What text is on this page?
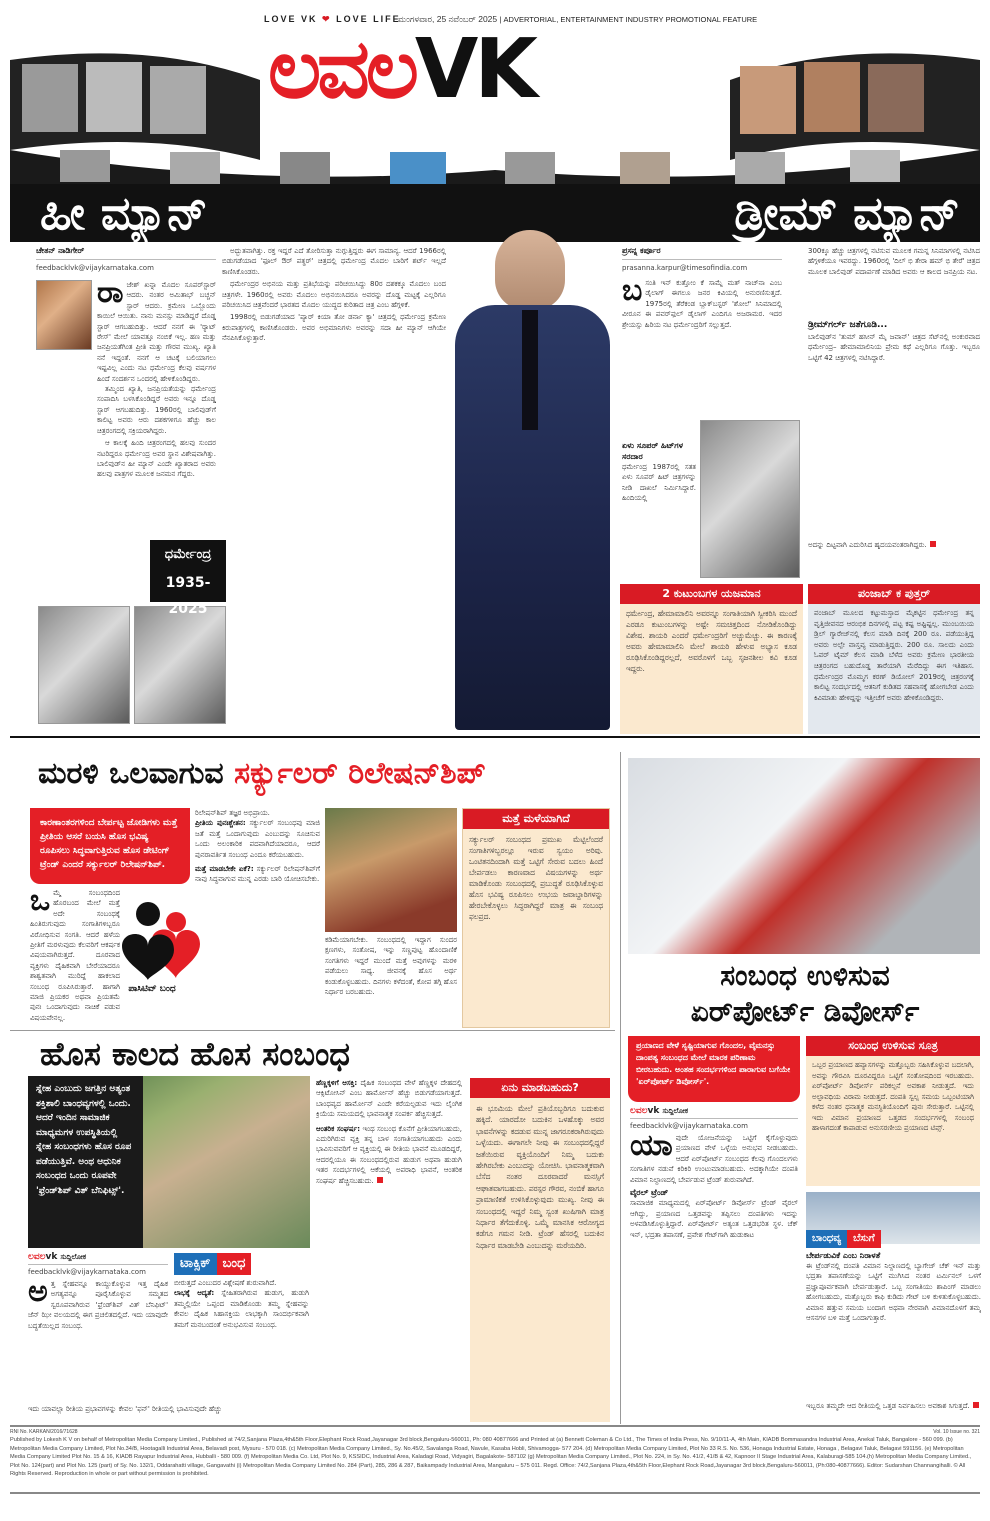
LOVE VK ❤ LOVE LIFE
ಮಂಗಳವಾರ, 25 ನವೆಂಬರ್ 2025 | ADVERTORIAL, ENTERTAINMENT INDUSTRY PROMOTIONAL FEATURE
ಲವಲVK
ಹೀ ಮ್ಯಾನ್	ಡ್ರೀಮ್ ಮ್ಯಾನ್
ಚೇತನ್ ನಾಡಿಗೇರ್
feedbacklvk@vijaykarnataka.com
ರಾ ಜೇಶ್ ಖನ್ನಾ ಮೊದಲ ಸೂಪರ್‌ಸ್ಟಾರ್ ಆದರು. ನಂತರ ಅಮಿತಾಭ್ ಬಚ್ಚನ್ ಸ್ಟಾರ್ ಆದರು. ಕ್ರಮೇಣ ಒಬ್ಬೊಂದು ಕಾಯಿಲೆ ಆಯಿತು. ನಾನು ಮನಸ್ಸು ಮಾಡಿದ್ದರೆ ದೊಡ್ಡ ಸ್ಟಾರ್ ಆಗಬಹುದಿತ್ತು. ಆದರೆ ನನಗೆ ಈ 'ರ್‍ಯಾಟ್ ರೇಸ್' ಮೇಲೆ ಯಾವತ್ತೂ ನಂಬಿಕೆ ಇಲ್ಲ. ಹಣ ಮತ್ತು ಜನಪ್ರಿಯತೆಗಿಂತ ಪ್ರೀತಿ ಮತ್ತು ಗೌರವ ಮುಖ್ಯ. ಖ್ಯಾತಿ ನನೆ ಇದ್ದಂತೆ. ನನಗೆ ಆ ಚಟಕ್ಕೆ ಬಲಿಯಾಗಲು ಇಷ್ಟವಿಲ್ಲ ಎಂದು ನಟ ಧರ್ಮೇಂದ್ರ ಕೆಲವು ವರ್ಷಗಳ ಹಿಂದೆ ಸಂದರ್ಶನ ಒಂದರಲ್ಲಿ ಹೇಳಿಕೊಂಡಿದ್ದರು.

ತಮ್ಮಿಂದ ಖ್ಯಾತಿ, ಜನಪ್ರಿಯತೆಯನ್ನು ಧರ್ಮೇಂದ್ರ ಸಂಪಾದಿಸಿ ಬಳಸಿಕೊಂಡಿದ್ದರೆ ಅವರು ಇನ್ನೂ ದೊಡ್ಡ ಸ್ಟಾರ್ ಆಗಬಹುದಿತ್ತು. 1960ರಲ್ಲಿ ಬಾಲಿವುಡ್‌ಗೆ ಕಾಲಿಟ್ಟ ಅವರು ಆರು ದಶಕಗಳಿಗೂ ಹೆಚ್ಚು ಕಾಲ ಚಿತ್ರರಂಗದಲ್ಲಿ ಸಕ್ರಿಯರಾಗಿದ್ದರು.

ಆ ಕಾಲಕ್ಕೆ ಹಿಂದಿ ಚಿತ್ರರಂಗದಲ್ಲಿ ಹಲವು ಸುಂದರ ನಟರಿದ್ದರೂ ಧರ್ಮೇಂದ್ರ ಅವರ ಸ್ಥಾನ ವಿಶೇಷವಾಗಿತ್ತು. ಬಾಲಿವುಡ್‌ನ ಹೀ ಮ್ಯಾನ್ ಎಂದೇ ಖ್ಯಾತರಾದ ಅವರು ಹಲವು ಪಾತ್ರಗಳ ಮೂಲಕ ಜನಮನ ಗೆದ್ದರು.

ಧರ್ಮೇಂದ್ರ
1935-2025

ಅದ್ಭುತವಾಗಿತ್ತು. ರಕ್ತ ಇದ್ದರೆ ಎದೆ ತೋರಿಸುತ್ತಾ ನುಗ್ಗುತ್ತಿದ್ದರು ಈಗ ಸಾಮಾನ್ಯ. ಆದರೆ 1966ರಲ್ಲಿ ಬಿಡುಗಡೆಯಾದ 'ಫೂಲ್ ಔರ್ ಪತ್ಥರ್' ಚಿತ್ರದಲ್ಲಿ ಧರ್ಮೇಂದ್ರ ಮೊದಲ ಬಾರಿಗೆ ಶರ್ಟ್ ಇಲ್ಲದೆ ಕಾಣಿಸಿಕೊಂಡರು.

ಧರ್ಮೇಂದ್ರರ ಅಭಿನಯ ಮತ್ತು ಪ್ರತಿಭೆಯನ್ನು ಪರಿಚಯಿಸಿದ್ದು 80ರ ದಶಕಕ್ಕೂ ಮೊದಲು ಬಂದ ಚಿತ್ರಗಳೇ. 1960ರಲ್ಲಿ ಅವರು ಮೊದಲು ಅಭಿನಯಿಸಿದರೂ ಅವರನ್ನು ದೊಡ್ಡ ಮಟ್ಟಕ್ಕೆ ಎಲ್ಲರಿಗೂ ಪರಿಚಯಿಸಿದ ಚಿತ್ರವೆಂದರೆ ಭಾರತದ ಮೊದಲ ಯುದ್ಧದ ಕುರಿತಾದ ಚಿತ್ರ ಎಂಬ ಹೆಗ್ಗಳಿಕೆ.

1998ರಲ್ಲಿ ಬಿಡುಗಡೆಯಾದ 'ಪ್ಯಾರ್ ಕಿಯಾ ತೋ ಡರ್ನಾ ಕ್ಯಾ' ಚಿತ್ರದಲ್ಲಿ ಧರ್ಮೇಂದ್ರ ಕ್ರಮೇಣ ಕಿರುಪಾತ್ರಗಳಲ್ಲಿ ಕಾಣಿಸಿಕೊಂಡರು. ಅವರ ಅಭಿಮಾನಿಗಳು ಅವರನ್ನು ಸದಾ ಹೀ ಮ್ಯಾನ್ ಆಗಿಯೇ ನೆನಪಿಸಿಕೊಳ್ಳುತ್ತಾರೆ.

ಪ್ರಸನ್ನ ಕರ್ಪೂರ
prasanna.karpur@timesofindia.com
ಬ ಸಂತಿ ಇನ್ ಕುತ್ತೋಂ ಕೆ ಸಾಮ್ನೆ ಮತ್ ನಾಚ್‌ನಾ ಎಂಬ ಡೈಲಾಗ್ ಈಗಲೂ ಜನರ ಕಿವಿಯಲ್ಲಿ ಅನುರಣಿಸುತ್ತದೆ. 1975ರಲ್ಲಿ ತೆರೆಕಂಡ ಬ್ಲಾಕ್‌ಬಸ್ಟರ್ 'ಶೋಲೆ' ಸಿನಿಮಾದಲ್ಲಿ ವೀರೂನ ಈ ಪವರ್‌ಫುಲ್ ಡೈಲಾಗ್ ಎಂದಿಗೂ ಅಜರಾಮರ. ಇದರ ಶ್ರೇಯಸ್ಸು ಹಿರಿಯ ನಟ ಧರ್ಮೇಂದ್ರರಿಗೆ ಸಲ್ಲುತ್ತದೆ.
ಏಳು ಸೂಪರ್ ಹಿಟ್‌ಗಳ ಸರದಾರ
ಧರ್ಮೇಂದ್ರ 1987ರಲ್ಲಿ ಸತತ ಏಳು ಸೂಪರ್ ಹಿಟ್ ಚಿತ್ರಗಳನ್ನು ನೀಡಿ ದಾಖಲೆ ನಿರ್ಮಿಸಿದ್ದಾರೆ. ಹಿಂದಿಯಲ್ಲಿ
300ಕ್ಕೂ ಹೆಚ್ಚು ಚಿತ್ರಗಳಲ್ಲಿ ನಟಿಸುವ ಮೂಲಕ ಗಮನ್ನ ಸಿನಿಮಾಗಳಲ್ಲಿ ನಟಿಸಿದ ಹೆಗ್ಗಳಿಕೆಯೂ ಇವರದ್ದು. 1960ರಲ್ಲಿ 'ದಿಲ್ ಭಿ ತೇರಾ ಹಮ್ ಭಿ ತೇರೆ' ಚಿತ್ರದ ಮೂಲಕ ಬಾಲಿವುಡ್ ಪದಾರ್ಪಣೆ ಮಾಡಿದ ಅವರು ಆ ಕಾಲದ ಜನಪ್ರಿಯ ನಟ.
ಡ್ರೀಮ್‌ಗರ್ಲ್ ಜತೆಗೂಡಿ...
ಬಾಲಿವುಡ್‌ನ 'ತುಮ್ ಹಸೀನ್ ಮೈ ಜವಾನ್' ಚಿತ್ರದ ಸೆಟ್‌ನಲ್ಲಿ ಅಂಕುರವಾದ ಧರ್ಮೇಂದ್ರ– ಹೇಮಾಮಾಲಿನಿಯ ಪ್ರೇಮ ಕಥೆ ಎಲ್ಲರಿಗೂ ಗೊತ್ತು. ಇಬ್ಬರೂ ಒಟ್ಟಿಗೆ 42 ಚಿತ್ರಗಳಲ್ಲಿ ನಟಿಸಿದ್ದಾರೆ.
ಅದನ್ನು ದಿಟ್ಟವಾಗಿ ಎದುರಿಸಿದ ಹೃದಯವಂತರಾಗಿದ್ದರು.
2 ಕುಟುಂಬಗಳ ಯಜಮಾನ
ಧರ್ಮೇಂದ್ರ, ಹೇಮಾಮಾಲಿನಿ ಅವರನ್ನೂ ಸಂಗಾತಿಯಾಗಿ ಸ್ವೀಕರಿಸಿ ಮುಂದೆ ಎರಡೂ ಕುಟುಂಬಗಳನ್ನು ಅಷ್ಟೇ ಸಮಚಿತ್ತದಿಂದ ನೋಡಿಕೊಂಡಿದ್ದು ವಿಶೇಷ. ಶಾಯರಿ ಎಂದರೆ ಧರ್ಮೇಂದ್ರರಿಗೆ ಅಚ್ಚುಮೆಚ್ಚು. ಈ ಕಾರಣಕ್ಕೆ ಅವರು ಹೇಮಾಮಾಲಿನಿ ಮೇಲೆ ಶಾಯರಿ ಹೇಳುವ ಅಭ್ಯಾಸ ಕೂಡ ರೂಢಿಸಿಕೊಂಡಿದ್ದರಲ್ಲದೆ, ಅವರೊಳಗೆ ಒಬ್ಬ ಸೃಜನಶೀಲ ಕವಿ ಕೂಡ ಇದ್ದರು.
ಪಂಜಾಬ್ ಕ ಪುತ್ತರ್
ಪಂಜಾಬ್ ಮೂಲದ ಕಟ್ಟುಮಸ್ತಾದ ಮೈಕಟ್ಟಿನ ಧರ್ಮೇಂದ್ರ ತನ್ನ ವೃತ್ತಿಜೀವನದ ಆರಂಭಿಕ ದಿನಗಳಲ್ಲಿ ಪಟ್ಟ ಕಷ್ಟ ಅಷ್ಟಿಷ್ಟಲ್ಲ. ಮುಂಬಯಿಯ ಡ್ರಿಲ್ ಗ್ಯಾರೇಜ್‌ನಲ್ಲಿ ಕೆಲಸ ಮಾಡಿ ದಿನಕ್ಕೆ 200 ರೂ. ಪಡೆಯುತ್ತಿದ್ದ ಅವರು ಅಲ್ಪೇ ವಾಸ್ತವ್ಯ ಮಾಡುತ್ತಿದ್ದರು. 200 ರೂ. ಸಾಲದು ಎಂದು ಓವರ್ ಟೈಮ್ ಕೆಲಸ ಮಾಡಿ ಬೆಳೆದ ಅವರು ಕ್ರಮೇಣ ಭಾರತೀಯ ಚಿತ್ರರಂಗದ ಬಹುದೊಡ್ಡ ತಾರೆಯಾಗಿ ಮೆರೆದಿದ್ದು ಈಗ ಇತಿಹಾಸ. ಧರ್ಮೇಂದ್ರರ ಮೊಮ್ಮಗ ಕರಣ್ ಡಿಯೋಲ್ 2019ರಲ್ಲಿ ಚಿತ್ರರಂಗಕ್ಕೆ ಕಾಲಿಟ್ಟ ಸಂದರ್ಭದಲ್ಲಿ ಆತನಿಗೆ ಕುಡಿತದ ಸಹವಾಸಕ್ಕೆ ಹೋಗಬೇಡ ಎಂದು ಕಿವಿಮಾತು ಹೇಳಿದ್ದನ್ನು ಇತ್ತೀಚೆಗೆ ಅವರು ಹೇಳಿಕೊಂಡಿದ್ದರು.
ಮರಳಿ ಒಲವಾಗುವ ಸರ್ಕ್ಯುಲರ್ ರಿಲೇಷನ್‌ಶಿಪ್
ಕಾರಣಾಂತರಗಳಿಂದ ಬೇರ್ಪಟ್ಟ ಜೋಡಿಗಳು ಮತ್ತೆ ಪ್ರೀತಿಯ ಆಸರೆ ಬಯಸಿ ಹೊಸ ಭವಿಷ್ಯ ರೂಪಿಸಲು ಸಿದ್ಧವಾಗುತ್ತಿರುವ ಹೊಸ ಡೇಟಿಂಗ್ ಟ್ರೆಂಡ್ ಎಂದರೆ ಸರ್ಕ್ಯುಲರ್ ರಿಲೇಷನ್‌ಶಿಪ್.
ಒ ಮ್ಮೆ ಸಂಬಂಧದಿಂದ ಹೊರಬಂದ ಮೇಲೆ ಮತ್ತೆ ಅದೇ ಸಂಬಂಧಕ್ಕೆ ಹಿಂತಿರುಗುವುದು ಸಂಗಾತಿಗಳಿಬ್ಬರೂ ವಿರೋಧಿಸುವ ಸಂಗತಿ. ಆದರೆ ಹಳೆಯ ಪ್ರೀತಿಗೆ ಮರಳುವುದು ಕೆಲವರಿಗೆ ಆಕರ್ಷಕ ವಿಷಯವಾಗಿರುತ್ತದೆ. ದೂರವಾದ ವ್ಯಕ್ತಿಗಳು ದೈಹಿಕವಾಗಿ ಬೇರೆಯಾದರೂ ಶಾಶ್ವತವಾಗಿ ಮುರಿದ್ದೆ ಹಾಕಲಾದ ಸಂಬಂಧ ರೂಪಿಸಿರುತ್ತಾರೆ. ಹಾಗಾಗಿ ಮಾಜಿ ಪ್ರಿಯಕರ ಅಥವಾ ಪ್ರಿಯತಮೆ ಪುನಃ ಒಂದಾಗುವುದು ನಾಚಿಕೆ ಪಡುವ ವಿಷಯವೇನಲ್ಲ.
ಪಾಸಿಟಿವ್ ಬಂಧ
ರಿಲೇಷನ್‌ಶಿಪ್ ತಜ್ಞರ ಅಭಿಪ್ರಾಯ.
ಪ್ರೀತಿಯ ಪುನಃಶ್ಚೇತನ: ಸರ್ಕ್ಯುಲರ್ ಸಂಬಂಧವು ಮಾಜಿ ಜತೆ ಮತ್ತೆ ಒಂದಾಗುವುದು ಎಂಬುದನ್ನು ಸೂಚಿಸುವ ಒಂದು ಅಲಂಕಾರಿಕ ಪದವಾಗಿದೆಯಾದರೂ, ಆದರೆ ಪುನರಾವರ್ತಿತ ಸಂಬಂಧ ಎಂದೂ ಕರೆಯಬಹುದು.
ಮತ್ತೆ ಮಾಡಬೇಕೇ ಏಕೆ?: ಸರ್ಕ್ಯುಲರ್ ರಿಲೇಷನ್‌ಶಿಪ್‌ಗೆ ನಾವು ಸಿದ್ಧವಾಗುವ ಮುನ್ನ ಎರಡು ಬಾರಿ ಯೋಚಿಸಬೇಕು.
ಕಡಿಮೆಯಾಗಬೇಕು. ಸಂಬಂಧದಲ್ಲಿ ಇದ್ದಾಗ ಸುಂದರ ಕ್ಷಣಗಳು, ಸಂತೋಷ, ಇನ್ನು ಸಣ್ಣಪುಟ್ಟ ಹೊಂದಾಣಿಕೆ ಸಂಗತಿಗಳು ಇದ್ದರೆ ಮುಂದೆ ಮತ್ತೆ ಅವುಗಳನ್ನು ಮರಳಿ ಪಡೆಯಲು ಸಾಧ್ಯ. ಜೀವನಕ್ಕೆ ಹೊಸ ಅರ್ಥ ಕಂಡುಕೊಳ್ಳಬಹುದು. ದಿನಗಳು ಕಳೆದಂತೆ, ಕೋಪ ತಗ್ಗಿ ಹೊಸ ನಿರ್ಧಾರ ಬರಬಹುದು.
ಮತ್ತೆ ಮಳೆಯಾಗಿದೆ
ಸರ್ಕ್ಯುಲರ್ ಸಂಬಂಧದ ಪ್ರಮುಖ ಮೆಟ್ಟಿಲೆಂದರೆ ಸಂಗಾತಿಗಳಿಬ್ಬರಲ್ಲೂ ಇರುವ ಸ್ವಯಂ ಅರಿವು. ಒಂಟಿತನದಿಂದಾಗಿ ಮತ್ತೆ ಒಟ್ಟಿಗೆ ಸೇರುವ ಬದಲು ಹಿಂದೆ ಬೇರ್ಪಡಲು ಕಾರಣವಾದ ವಿಷಯಗಳನ್ನು ಅರ್ಥ ಮಾಡಿಕೊಂಡು ಸಂಬಂಧದಲ್ಲಿ ಪ್ರಬುದ್ಧತೆ ರೂಢಿಸಿಕೊಳ್ಳುವ ಹೊಸ ಭವಿಷ್ಯ ರೂಪಿಸಲು ಉಭಯ ಜವಾಬ್ದಾರಿಗಳನ್ನು ಹೇರಬೇಕೊಳ್ಳಲು ಸಿದ್ಧರಾಗಿದ್ದರೆ ಮಾತ್ರ ಈ ಸಂಬಂಧ ಫಲಪ್ರದ.
ಸಂಬಂಧ ಉಳಿಸುವ
ಏರ್‌ಪೋರ್ಟ್ ಡಿವೋರ್ಸ್
ಪ್ರಯಾಣದ ವೇಳೆ ಸೃಷ್ಟಿಯಾಗುವ ಗೊಂದಲ, ವೈಮನಸ್ಸು ದಾಂಪತ್ಯ ಸಂಬಂಧದ ಮೇಲೆ ಮಾರಕ ಪರಿಣಾಮ ಬೀರಬಹುದು. ಅಂತಹ ಸಂದರ್ಭಗಳಿಂದ ಪಾರಾಗುವ ಬಗೆಯೇ 'ಏರ್‌ಪೋರ್ಟ್ ಡಿವೋರ್ಸ್'.
ಲವಲvk ಸುದ್ದಿಲೋಕ
feedbacklvk@vijaykarnataka.com
ಯಾ ವುದೇ ಯೋಜನೆಯನ್ನು ಒಟ್ಟಿಗೆ ಕೈಗೊಳ್ಳುವುದು ಪ್ರಯಾಣದ ವೇಳೆ ಒಳ್ಳೆಯ ಅನುಭವ ನೀಡಬಹುದು. ಆದರೆ ಏರ್‌ಪೋರ್ಟ್ ಸಂಬಂಧದ ಕೆಲವು ಗೊಂದಲಗಳು ಸಂಗಾತಿಗಳ ನಡುವೆ ಕಿರಿಕಿರಿ ಉಂಟುಮಾಡಬಹುದು. ಅದಕ್ಕಾಗಿಯೇ ದಂಪತಿ ವಿಮಾನ ನಿಲ್ದಾಣದಲ್ಲಿ ಬೇರ್ಪಡುವ ಟ್ರೆಂಡ್ ಶುರುವಾಗಿದೆ.
ವೈರಲ್ ಟ್ರೆಂಡ್
ಸಾಮಾಜಿಕ ಮಾಧ್ಯಮದಲ್ಲಿ ಏರ್‌ಪೋರ್ಟ್ ಡಿವೋರ್ಸ್ ಟ್ರೆಂಡ್ ವೈರಲ್ ಆಗಿದ್ದು, ಪ್ರಯಾಣದ ಒತ್ತಡವನ್ನು ತಪ್ಪಿಸಲು ದಂಪತಿಗಳು ಇದನ್ನು ಅಳವಡಿಸಿಕೊಳ್ಳುತ್ತಿದ್ದಾರೆ. ಏರ್‌ಪೋರ್ಟ್ ಅತ್ಯಂತ ಒತ್ತಡಭರಿತ ಸ್ಥಳ. ಚೆಕ್ ಇನ್, ಭದ್ರತಾ ತಪಾಸಣೆ, ಪ್ರವೇಶ ಗೇಟ್‌ಗಾಗಿ ಹುಡುಕಾಟ
ಸಂಬಂಧ ಉಳಿಸುವ ಸೂತ್ರ
ಒಬ್ಬರ ಪ್ರಯಾಣದ ಹವ್ಯಾಸಗಳನ್ನು ಮತ್ತೊಬ್ಬರು ಸಹಿಸಿಕೊಳ್ಳುವ ಬದಲಾಗಿ, ಅವನ್ನು ಗೌರವಿಸಿ ದೂರವಿದ್ದರೂ ಒಟ್ಟಿಗೆ ಸಂತೋಷದಿಂದ ಇರಬಹುದು. ಏರ್‌ಪೋರ್ಟ್ ಡಿವೋರ್ಸ್ ಪರಿಕಲ್ಪನೆ ಅವಕಾಶ ನೀಡುತ್ತದೆ. ಇದು ಅಲ್ಪಾವಧಿಯ ವಿರಾಮ ನೀಡುತ್ತದೆ. ದಂಪತಿ ಸ್ವಲ್ಪ ಸಮಯ ಒಬ್ಬಂಟಿಯಾಗಿ ಕಳೆದ ನಂತರ ಧನಾತ್ಮಕ ಮನಸ್ಥಿತಿಯೊಂದಿಗೆ ಪುನಃ ಸೇರುತ್ತಾರೆ. ಒಟ್ಟಿನಲ್ಲಿ ಇದು ವಿಮಾನ ಪ್ರಯಾಣದ ಒತ್ತಡದ ಸಂದರ್ಭಗಳಲ್ಲಿ ಸಂಬಂಧ ಹಾಳಾಗದಂತೆ ಕಾಪಾಡುವ ಅನುಸರಣೀಯ ಪ್ರಯಾಣದ ಟಿಪ್ಸ್.
ಬಾಂಧವ್ಯ ಬೆಸುಗೆ
ಬೇರ್ಪಡುವಿಕೆ ಎಂಬ ನಿರಾಳತೆ
ಈ ಟ್ರೆಂಡ್‌ನಲ್ಲಿ ದಂಪತಿ ವಿಮಾನ ನಿಲ್ದಾಣದಲ್ಲಿ ಬ್ಯಾಗೇಜ್ ಚೆಕ್ ಇನ್ ಮತ್ತು ಭದ್ರತಾ ತಪಾಸಣೆಯನ್ನು ಒಟ್ಟಿಗೆ ಮುಗಿಸಿದ ನಂತರ ಟರ್ಮಿನಲ್ ಒಳಗೆ ಪ್ರಜ್ಞಾಪೂರ್ವಕವಾಗಿ ಬೇರ್ಪಡುತ್ತಾರೆ. ಒಬ್ಬ ಸಂಗಾತಿಯು ಶಾಪಿಂಗ್ ಮಾಡಲು ಹೋಗಬಹುದು, ಮತ್ತೊಬ್ಬರು ಕಾಫಿ ಕುಡಿದು ಗೇಟ್ ಬಳಿ ಕುಳಿತುಕೊಳ್ಳಬಹುದು. ವಿಮಾನ ಹತ್ತುವ ಸಮಯ ಬಂದಾಗ ಅಥವಾ ನೇರವಾಗಿ ವಿಮಾನದೊಳಗೆ ತಮ್ಮ ಆಸನಗಳ ಬಳಿ ಮತ್ತೆ ಒಂದಾಗುತ್ತಾರೆ.
ಇಬ್ಬರೂ ತಮ್ಮದೇ ಆದ ರೀತಿಯಲ್ಲಿ ಒತ್ತಡ ನಿರ್ವಹಿಸಲು ಅವಕಾಶ ಸಿಗುತ್ತದೆ.
ಹೊಸ ಕಾಲದ ಹೊಸ ಸಂಬಂಧ
ಸ್ನೇಹ ಎಂಬುದು ಜಗತ್ತಿನ ಅತ್ಯಂತ ಶಕ್ತಿಶಾಲಿ ಬಾಂಧವ್ಯಗಳಲ್ಲಿ ಒಂದು. ಆದರೆ ಇಂದಿನ ಸಾಮಾಜಿಕ ಮಾಧ್ಯಮಗಳ ಉಪಸ್ಥಿತಿಯಲ್ಲಿ ಸ್ನೇಹ ಸಂಬಂಧಗಳು ಹೊಸ ರೂಪ ಪಡೆಯುತ್ತಿವೆ. ಅಂಥ ಆಧುನಿಕ ಸಂಬಂಧದ ಒಂದು ರೂಪವೇ 'ಫ್ರೆಂಡ್‌ಶಿಪ್ ವಿತ್ ಬೆನಿಫಿಟ್ಸ್'.
ಲವಲvk ಸುದ್ದಿಲೋಕ
feedbacklvk@vijaykarnataka.com
ಅ ತ್ತ ಸ್ನೇಹವನ್ನೂ ಕಾಯ್ದುಕೊಳ್ಳುವ ಇತ್ತ ದೈಹಿಕ ಅಗತ್ಯವನ್ನೂ ಪೂರೈಸಿಕೊಳ್ಳುವ ಸಮ್ಮತದ ಸ್ವರೂಪವಾಗಿರುವ 'ಫ್ರೆಂಡ್‌ಶಿಪ್ ವಿತ್ ಬೆನಿಫಿಟ್' ಜೆನ್ ಝೀ ವಲಯದಲ್ಲಿ ಈಗ ಪ್ರಚಲಿತದಲ್ಲಿದೆ. ಇದು ಯಾವುದೇ ಬದ್ಧತೆಯಿಲ್ಲದ ಸಂಬಂಧ.
ಟಾಕ್ಸಿಕ್ ಬಂಧ
ಬೀರುತ್ತದೆ ಎಂಬುದರ ವಿಶ್ಲೇಷಣೆ ಶುರುವಾಗಿದೆ.
ಲಾಭಕ್ಕೆ ಆದ್ಯತೆ: ಸ್ನೇಹಿತರಾಗಿರುವ ಹುಡುಗ, ಹುಡುಗಿ ತಮ್ಮಲ್ಲಿಯೇ ಒಪ್ಪಂದ ಮಾಡಿಕೊಂಡು ತಮ್ಮ ಸ್ನೇಹವನ್ನು ಕೇವಲ ದೈಹಿಕ ಸಿಹಾಸಕ್ತಿಯ ಲಾಭಕ್ಕಾಗಿ ಸಾಂದರ್ಭಿಕವಾಗಿ ತಮಗೆ ಮನಬಂದಂತೆ ಅನುಭವಿಸುವ ಸಂಬಂಧ.
ಹೆಣ್ಣಕ್ಕಳಿಗೆ ಆಸಕ್ತಿ: ದೈಹಿಕ ಸಂಬಂಧದ ವೇಳೆ ಹೆಣ್ಣಕ್ಕಳ ದೇಹದಲ್ಲಿ ಆಕ್ಸಿಟೋಸಿನ್ ಎಂಬ ಹಾರ್ಮೋನ್ ಹೆಚ್ಚು ಬಿಡುಗಡೆಯಾಗುತ್ತದೆ. ಬಾಂಧವ್ಯದ ಹಾರ್ಮೋನ್ ಎಂದೇ ಕರೆಯಲ್ಪಡುವ ಇದು ಲೈಂಗಿಕ ಕ್ರಿಯೆಯ ಸಮಯದಲ್ಲಿ ಭಾವನಾತ್ಮಕ ಸಂಪರ್ಕ ಹೆಚ್ಚಿಸುತ್ತದೆ.
ಆಂತರಿಕ ಸಂಘರ್ಷ: ಇಂಥ ಸಂಬಂಧ ಕೊನೆಗೆ ಪ್ರೀತಿಯಾಗಬಹುದು, ಎದುರಿಗಿರುವ ವ್ಯಕ್ತಿ ತನ್ನ ಬಾಳ ಸಂಗಾತಿಯಾಗಬಹುದು ಎಂದು ಭಾವಿಸುವವರಿಗೆ ಆ ವ್ಯಕ್ತಿಯಲ್ಲಿ ಈ ರೀತಿಯ ಭಾವನೆ ಮೂಡದಿದ್ದರೆ, ಆದರಲ್ಲಿಯೂ ಈ ಸಂಬಂಧದಲ್ಲಿರುವ ಹುಡುಗ ಅಥವಾ ಹುಡುಗಿ ಇತರ ಸಂದರ್ಭಗಳಲ್ಲಿ ಆಕೆಯಲ್ಲಿ ಅಪರಾಧಿ ಭಾವನೆ, ಆಂತರಿಕ ಸಂಘರ್ಷ ಹೆಚ್ಚಿಸಬಹುದು.
ಇದು ಯಾವಲ್ಲಾ ರೀತಿಯ ಪ್ರಭಾವಗಳನ್ನು ಕೇವಲ 'ಫನ್' ರೀತಿಯಲ್ಲಿ ಭಾವಿಸುವುದೇ ಹೆಚ್ಚು
ಏನು ಮಾಡಬಹುದು?
ಈ ಭೂಮಿಯ ಮೇಲೆ ಪ್ರತಿಯೊಬ್ಬರಿಗೂ ಬದುಕುವ ಹಕ್ಕಿದೆ. ಯಾರದೋ ಬದುಕಿನ ಒಳಹೊಕ್ಕು ಅವರ ಭಾವನೆಗಳನ್ನು ಕದಡುವ ಮುನ್ನ ಜಾಗರೂಕರಾಗಿರುವುದು ಒಳ್ಳೆಯದು. ಈಗಾಗಲೇ ನೀವು ಈ ಸಂಬಂಧದಲ್ಲಿದ್ದರೆ ಜತೆಯಿರುವ ವ್ಯಕ್ತಿಯೊಂದಿಗೆ ನಿಮ್ಮ ಬದುಕು ಹೇಗಿರಬೇಕು ಎಂಬುದನ್ನು ಯೋಚಿಸಿ. ಭಾವನಾತ್ಮಕವಾಗಿ ಬೆಸೆದ ನಂತರ ದೂರವಾದರೆ ಮನಸ್ಸಿಗೆ ಆಘಾತವಾಗಬಹುದು. ಪರಸ್ಪರ ಗೌರವ, ನಂಬಿಕೆ ಹಾಗೂ ಪ್ರಾಮಾಣಿಕತೆ ಉಳಿಸಿಕೊಳ್ಳುವುದು ಮುಖ್ಯ. ನೀವು ಈ ಸಂಬಂಧದಲ್ಲಿ ಇದ್ದರೆ ನಿಮ್ಮ ಸ್ವಂತ ಖುಷಿಗಾಗಿ ಮಾತ್ರ ನಿರ್ಧಾರ ತೆಗೆದುಕೊಳ್ಳಿ. ಒಮ್ಮೆ ಮಾನಸಿಕ ಆರೋಗ್ಯದ ಕಡೆಗೂ ಗಮನ ನೀಡಿ. ಟ್ರೆಂಡ್ ಹೆಸರಲ್ಲಿ ಬದುಕಿನ ನಿರ್ಧಾರ ಮಾಡಬೇಡಿ ಎಂಬುದನ್ನು ಮರೆಯದಿರಿ.
RNI No. KARKAN/2016/71628	Vol. 10 Issue no. 321
Published by Lokesh K V on behalf of Metropolitan Media Company Limited., Published at 74/2,Sanjana Plaza,4th&5th Floor,Elephant Rock Road,Jayanagar 3rd block,Bengaluru-560011, Ph: 080 40877666 and Printed at (a) Bennett Coleman & Co Ltd., The Times of India Press, No. 9/10/11-A, 4th Main, KIADB Bommasandra Industrial Area, Anekal Taluk, Bangalore - 560 099. (b) Metropolitan Media Company Limited, Plot No.34/B, Hootagalli Industrial Area, Belavadi post, Mysuru - 570 018. (c) Metropolitan Media Company Limited., Sy. No.45/2, Savalanga Road, Navule, Kasaba Hobli, Shivamogga- 577 204. (d) Metropolitan Media Company Limited, Plot No 33 R.S. No. 536, Honaga Industrial Estate, Honaga , Belagavi Taluk, Belagavi 591156. (e) Metropolitan Media Company Limited Plot No. 15 & 16, KIADB Rayapur Industrial Area, Hubballi - 580 009. (f) Metropolitan Media Co. Ltd, Plot No. 9, KSSIDC, Industrial Area, Kaladagi Road, Vidyagiri, Bagalakote- 587102 (g) Metropolitan Media Company Limited., Plot No. 224, in Sy. No. 41/2, 41/B & 42, Kapnoor II Stage Industrial Area, Kalaburagi-585 104.(h) Metropolitan Media Company Limited., Plot No. 124(part) and Plot No. 125 (part) of Sy. No. 132/1, Oddarahatti village, Gangavathi (i) Metropolitan Media Company Limited No. 284 (Part), 285, 286 & 287, Baikampady Industrial Area, Mangaluru – 575 011. Regd. Office: 74/2,Sanjana Plaza,4th&5th Floor,Elephant Rock Road,Jayanagar 3rd block,Bengaluru-560011, (Ph:080-40877666). Editor: Sudarshan Channangihalli. © All Rights Reserved. Reproduction in whole or part without permission is prohibited.
